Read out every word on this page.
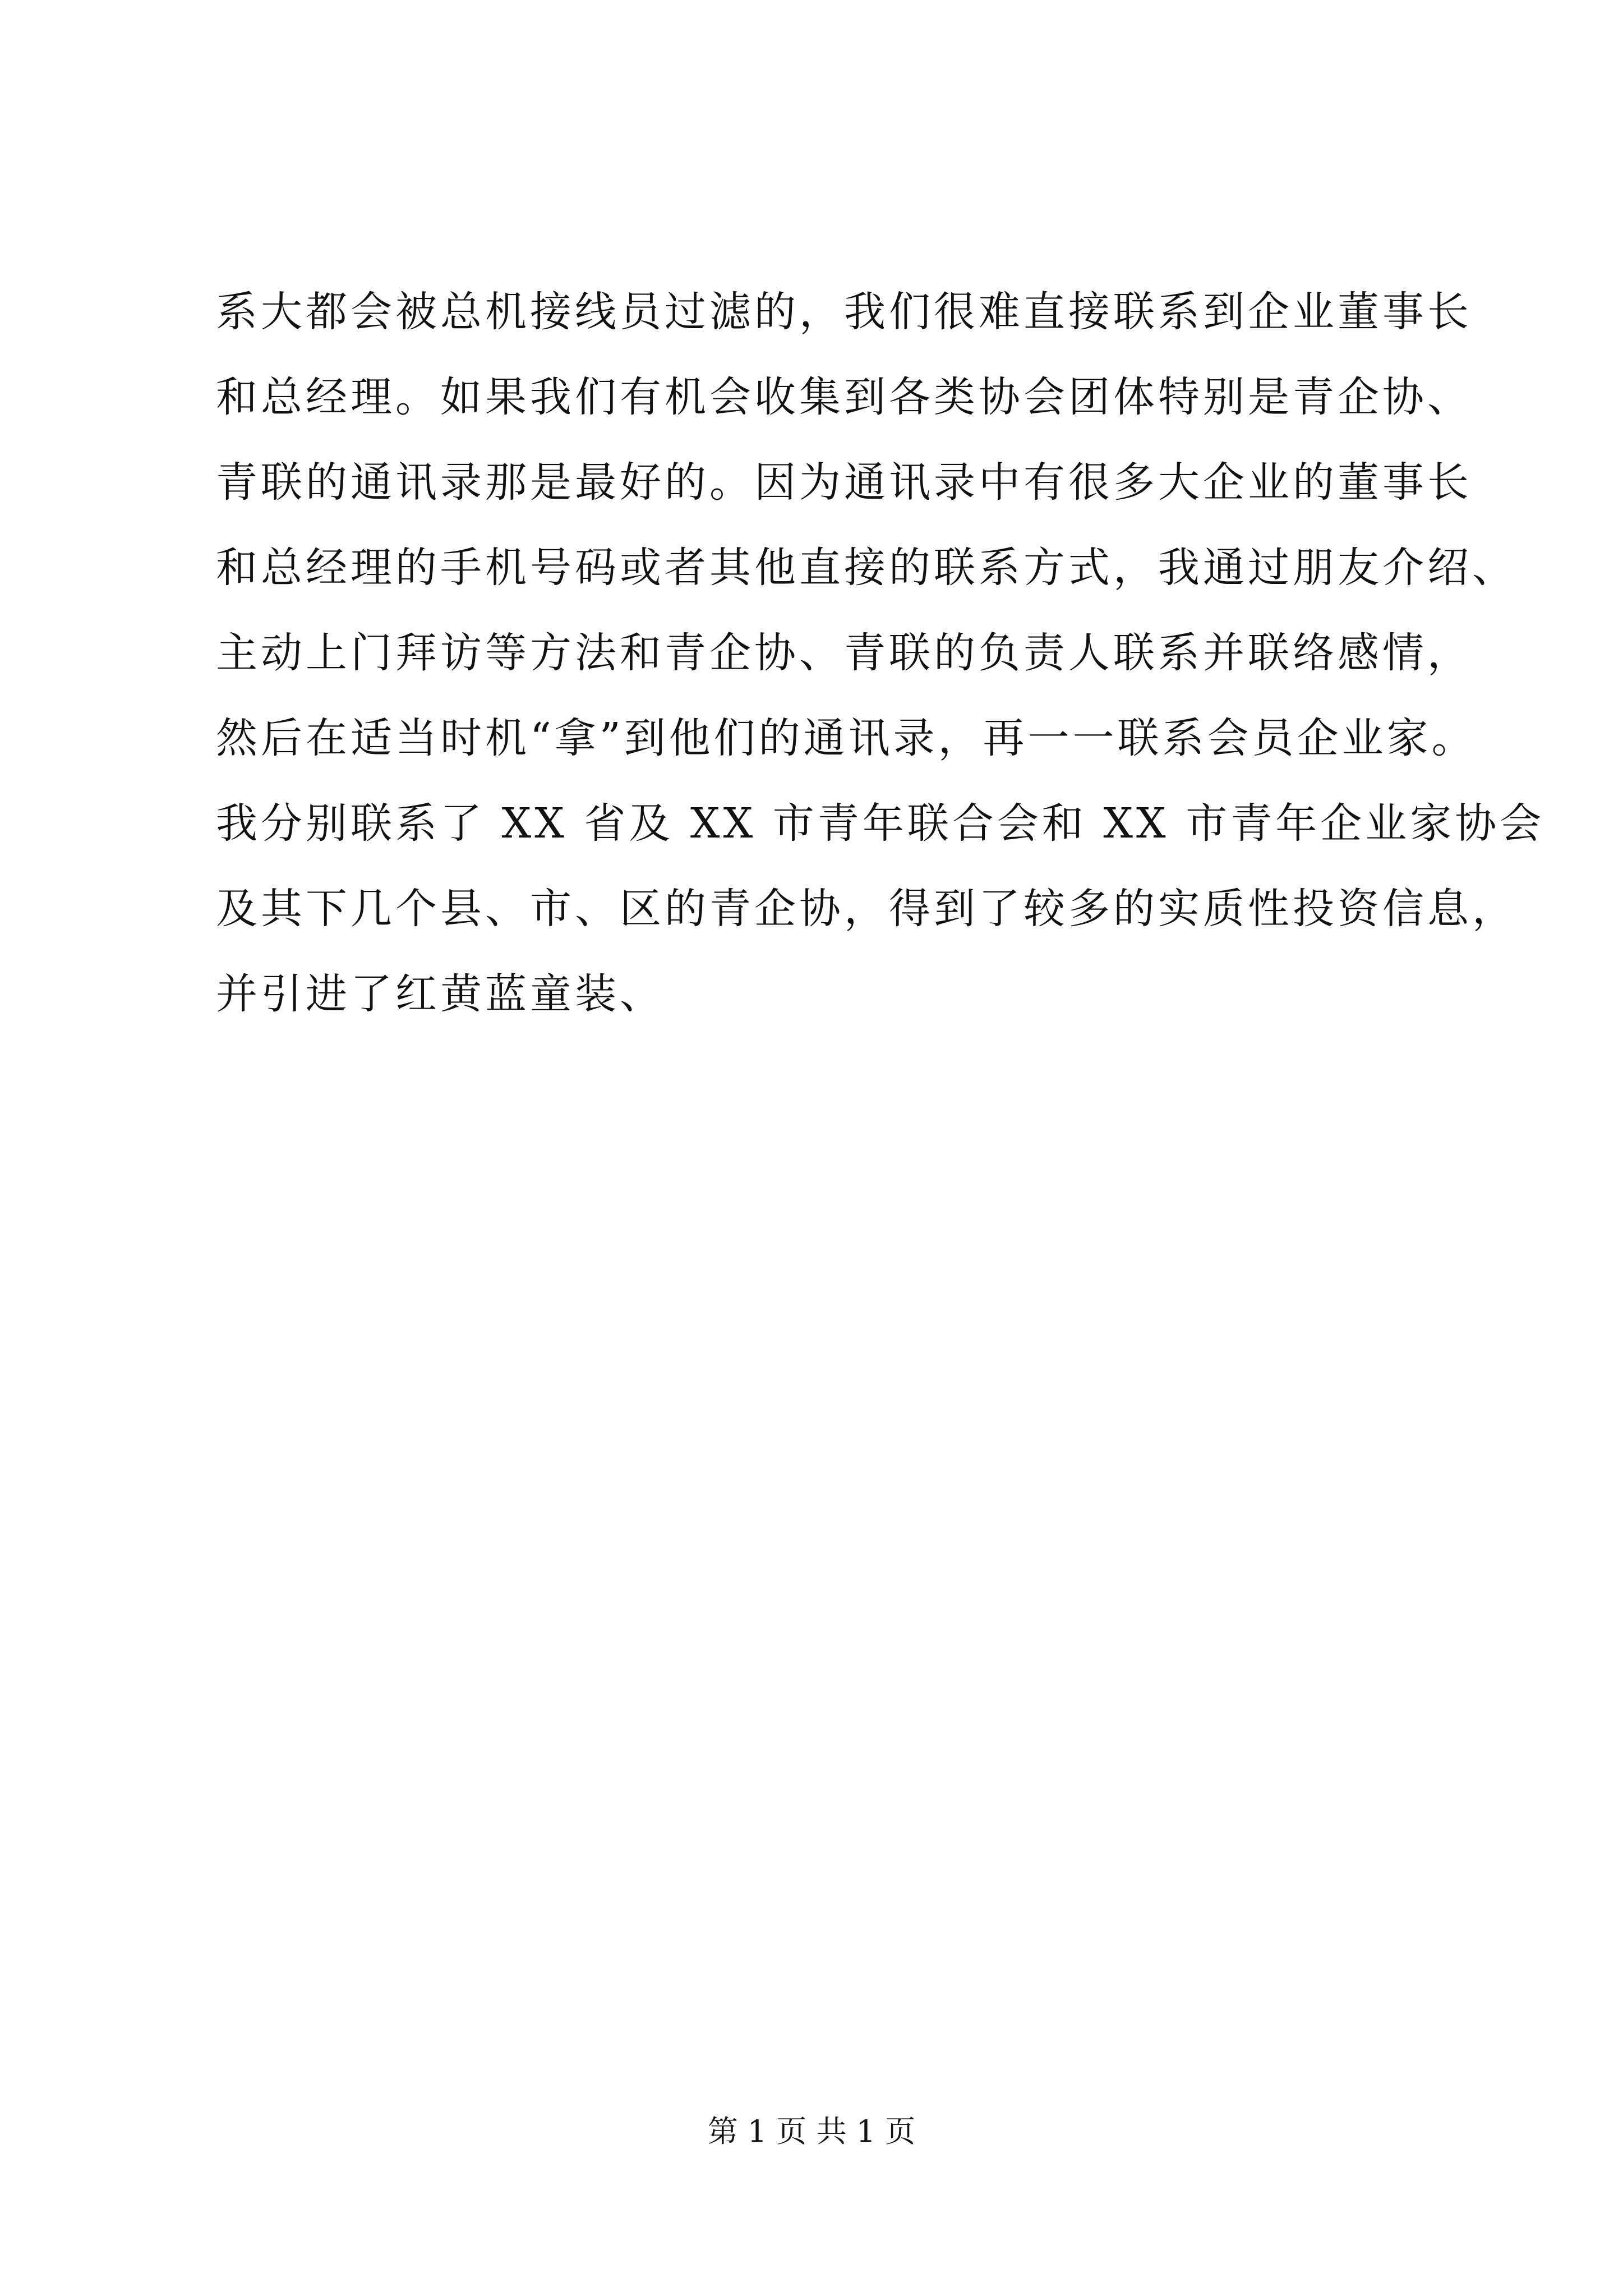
系大都会被总机接线员过滤的，我们很难直接联系到企业董事长
和总经理。如果我们有机会收集到各类协会团体特别是青企协、
青联的通讯录那是最好的。因为通讯录中有很多大企业的董事长
和总经理的手机号码或者其他直接的联系方式，我通过朋友介绍、
主动上门拜访等方法和青企协、青联的负责人联系并联络感情，
然后在适当时机“拿”到他们的通讯录，再一一联系会员企业家。
我分别联系了 XX 省及 XX 市青年联合会和 XX 市青年企业家协会
及其下几个县、市、区的青企协，得到了较多的实质性投资信息，
并引进了红黄蓝童装、
第 1 页 共 1 页
